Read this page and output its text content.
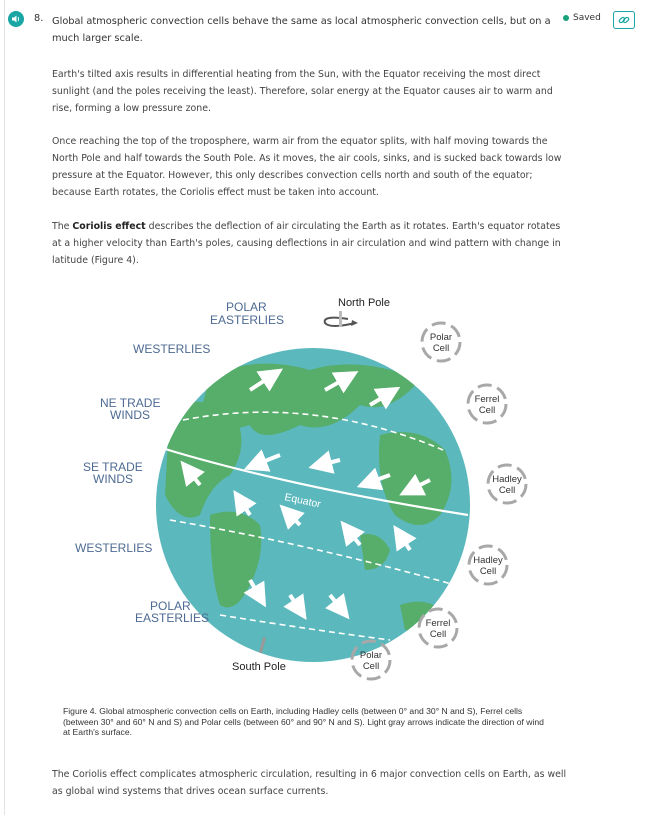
8. Global atmospheric convection cells behave the same as local atmospheric convection cells, but on a much larger scale.
Saved
Earth's tilted axis results in differential heating from the Sun, with the Equator receiving the most direct sunlight (and the poles receiving the least). Therefore, solar energy at the Equator causes air to warm and rise, forming a low pressure zone.
Once reaching the top of the troposphere, warm air from the equator splits, with half moving towards the North Pole and half towards the South Pole. As it moves, the air cools, sinks, and is sucked back towards low pressure at the Equator. However, this only describes convection cells north and south of the equator; because Earth rotates, the Coriolis effect must be taken into account.
The Coriolis effect describes the deflection of air circulating the Earth as it rotates. Earth's equator rotates at a higher velocity than Earth's poles, causing deflections in air circulation and wind pattern with change in latitude (Figure 4).
North Pole
South Pole
Equator
POLAR
EASTERLIES
WESTERLIES
NE TRADE
WINDS
SE TRADE
WINDS
WESTERLIES
POLAR
EASTERLIES
Polar
Cell
Ferrel
Cell
Hadley
Cell
Hadley
Cell
Ferrel
Cell
Polar
Cell
Figure 4. Global atmospheric convection cells on Earth, including Hadley cells (between 0° and 30° N and S), Ferrel cells (between 30° and 60° N and S) and Polar cells (between 60° and 90° N and S). Light gray arrows indicate the direction of wind at Earth's surface.
The Coriolis effect complicates atmospheric circulation, resulting in 6 major convection cells on Earth, as well as global wind systems that drives ocean surface currents.
